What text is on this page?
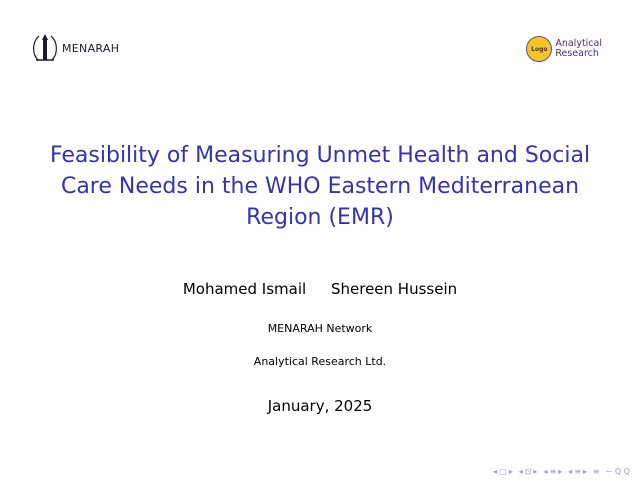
MENARAH	Logo Analytical
Research
Feasibility of Measuring Unmet Health and Social Care Needs in the WHO Eastern Mediterranean Region (EMR)
Mohamed Ismail Shereen Hussein
MENARAH Network
Analytical Research Ltd.
January, 2025
◂ □ ▸ ◂ ⊡ ▸ ◂ ≡ ▸ ◂ ≡ ▸ ≡ ∽ Q Q
